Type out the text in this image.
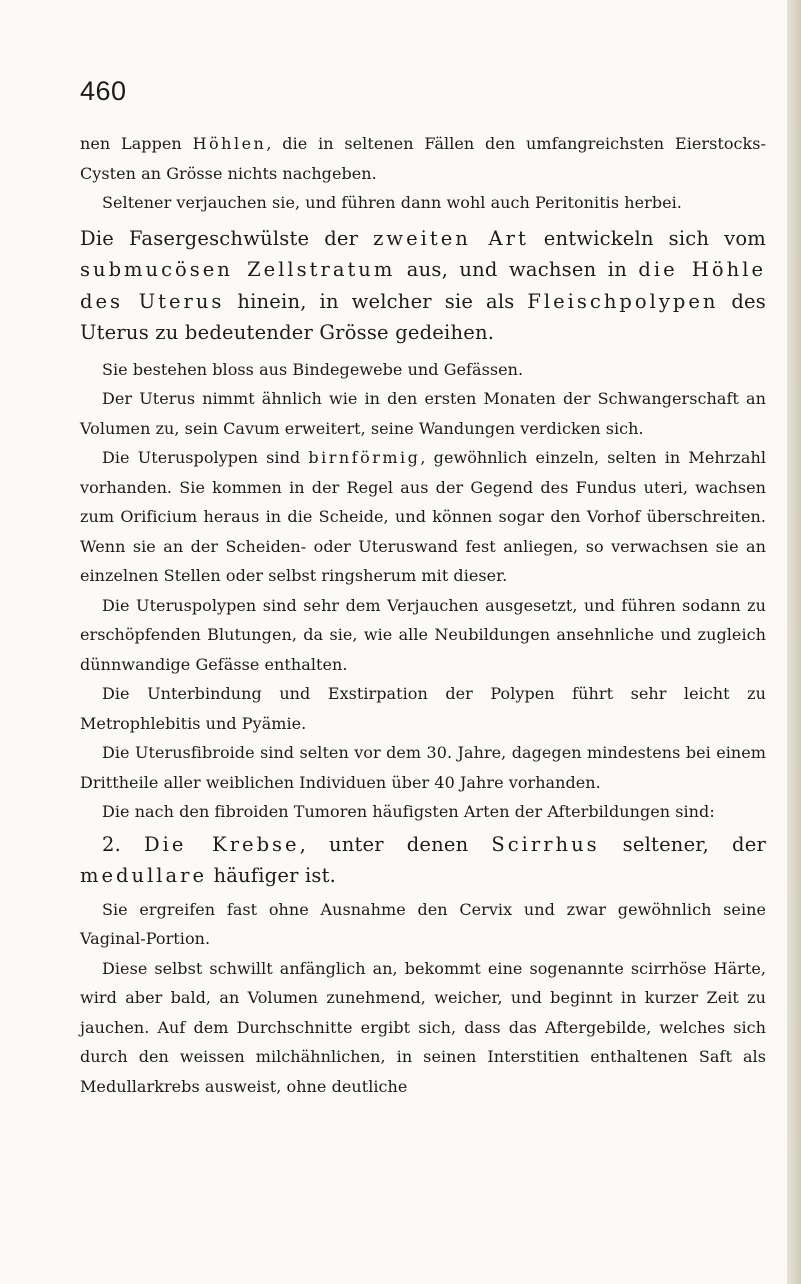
460

nen Lappen Höhlen, die in seltenen Fällen den umfangreichsten Eierstocks-Cysten an Grösse nichts nachgeben.

Seltener verjauchen sie, und führen dann wohl auch Peritonitis herbei.

Die Fasergeschwülste der zweiten Art entwickeln sich vom submucösen Zellstratum aus, und wachsen in die Höhle des Uterus hinein, in welcher sie als Fleischpolypen des Uterus zu bedeutender Grösse gedeihen.

Sie bestehen bloss aus Bindegewebe und Gefässen.

Der Uterus nimmt ähnlich wie in den ersten Monaten der Schwangerschaft an Volumen zu, sein Cavum erweitert, seine Wandungen verdicken sich.

Die Uteruspolypen sind birnförmig, gewöhnlich einzeln, selten in Mehrzahl vorhanden. Sie kommen in der Regel aus der Gegend des Fundus uteri, wachsen zum Orificium heraus in die Scheide, und können sogar den Vorhof überschreiten. Wenn sie an der Scheiden- oder Uteruswand fest anliegen, so verwachsen sie an einzelnen Stellen oder selbst ringsherum mit dieser.

Die Uteruspolypen sind sehr dem Verjauchen ausgesetzt, und führen sodann zu erschöpfenden Blutungen, da sie, wie alle Neubildungen ansehnliche und zugleich dünnwandige Gefässe enthalten.

Die Unterbindung und Exstirpation der Polypen führt sehr leicht zu Metrophlebitis und Pyämie.

Die Uterusfibroide sind selten vor dem 30. Jahre, dagegen mindestens bei einem Drittheile aller weiblichen Individuen über 40 Jahre vorhanden.

Die nach den fibroiden Tumoren häufigsten Arten der Afterbildungen sind:

2. Die Krebse, unter denen Scirrhus seltener, der medullare häufiger ist.

Sie ergreifen fast ohne Ausnahme den Cervix und zwar gewöhnlich seine Vaginal-Portion.

Diese selbst schwillt anfänglich an, bekommt eine sogenannte scirrhöse Härte, wird aber bald, an Volumen zunehmend, weicher, und beginnt in kurzer Zeit zu jauchen. Auf dem Durchschnitte ergibt sich, dass das Aftergebilde, welches sich durch den weissen milchähnlichen, in seinen Interstitien enthaltenen Saft als Medullarkrebs ausweist, ohne deutliche
